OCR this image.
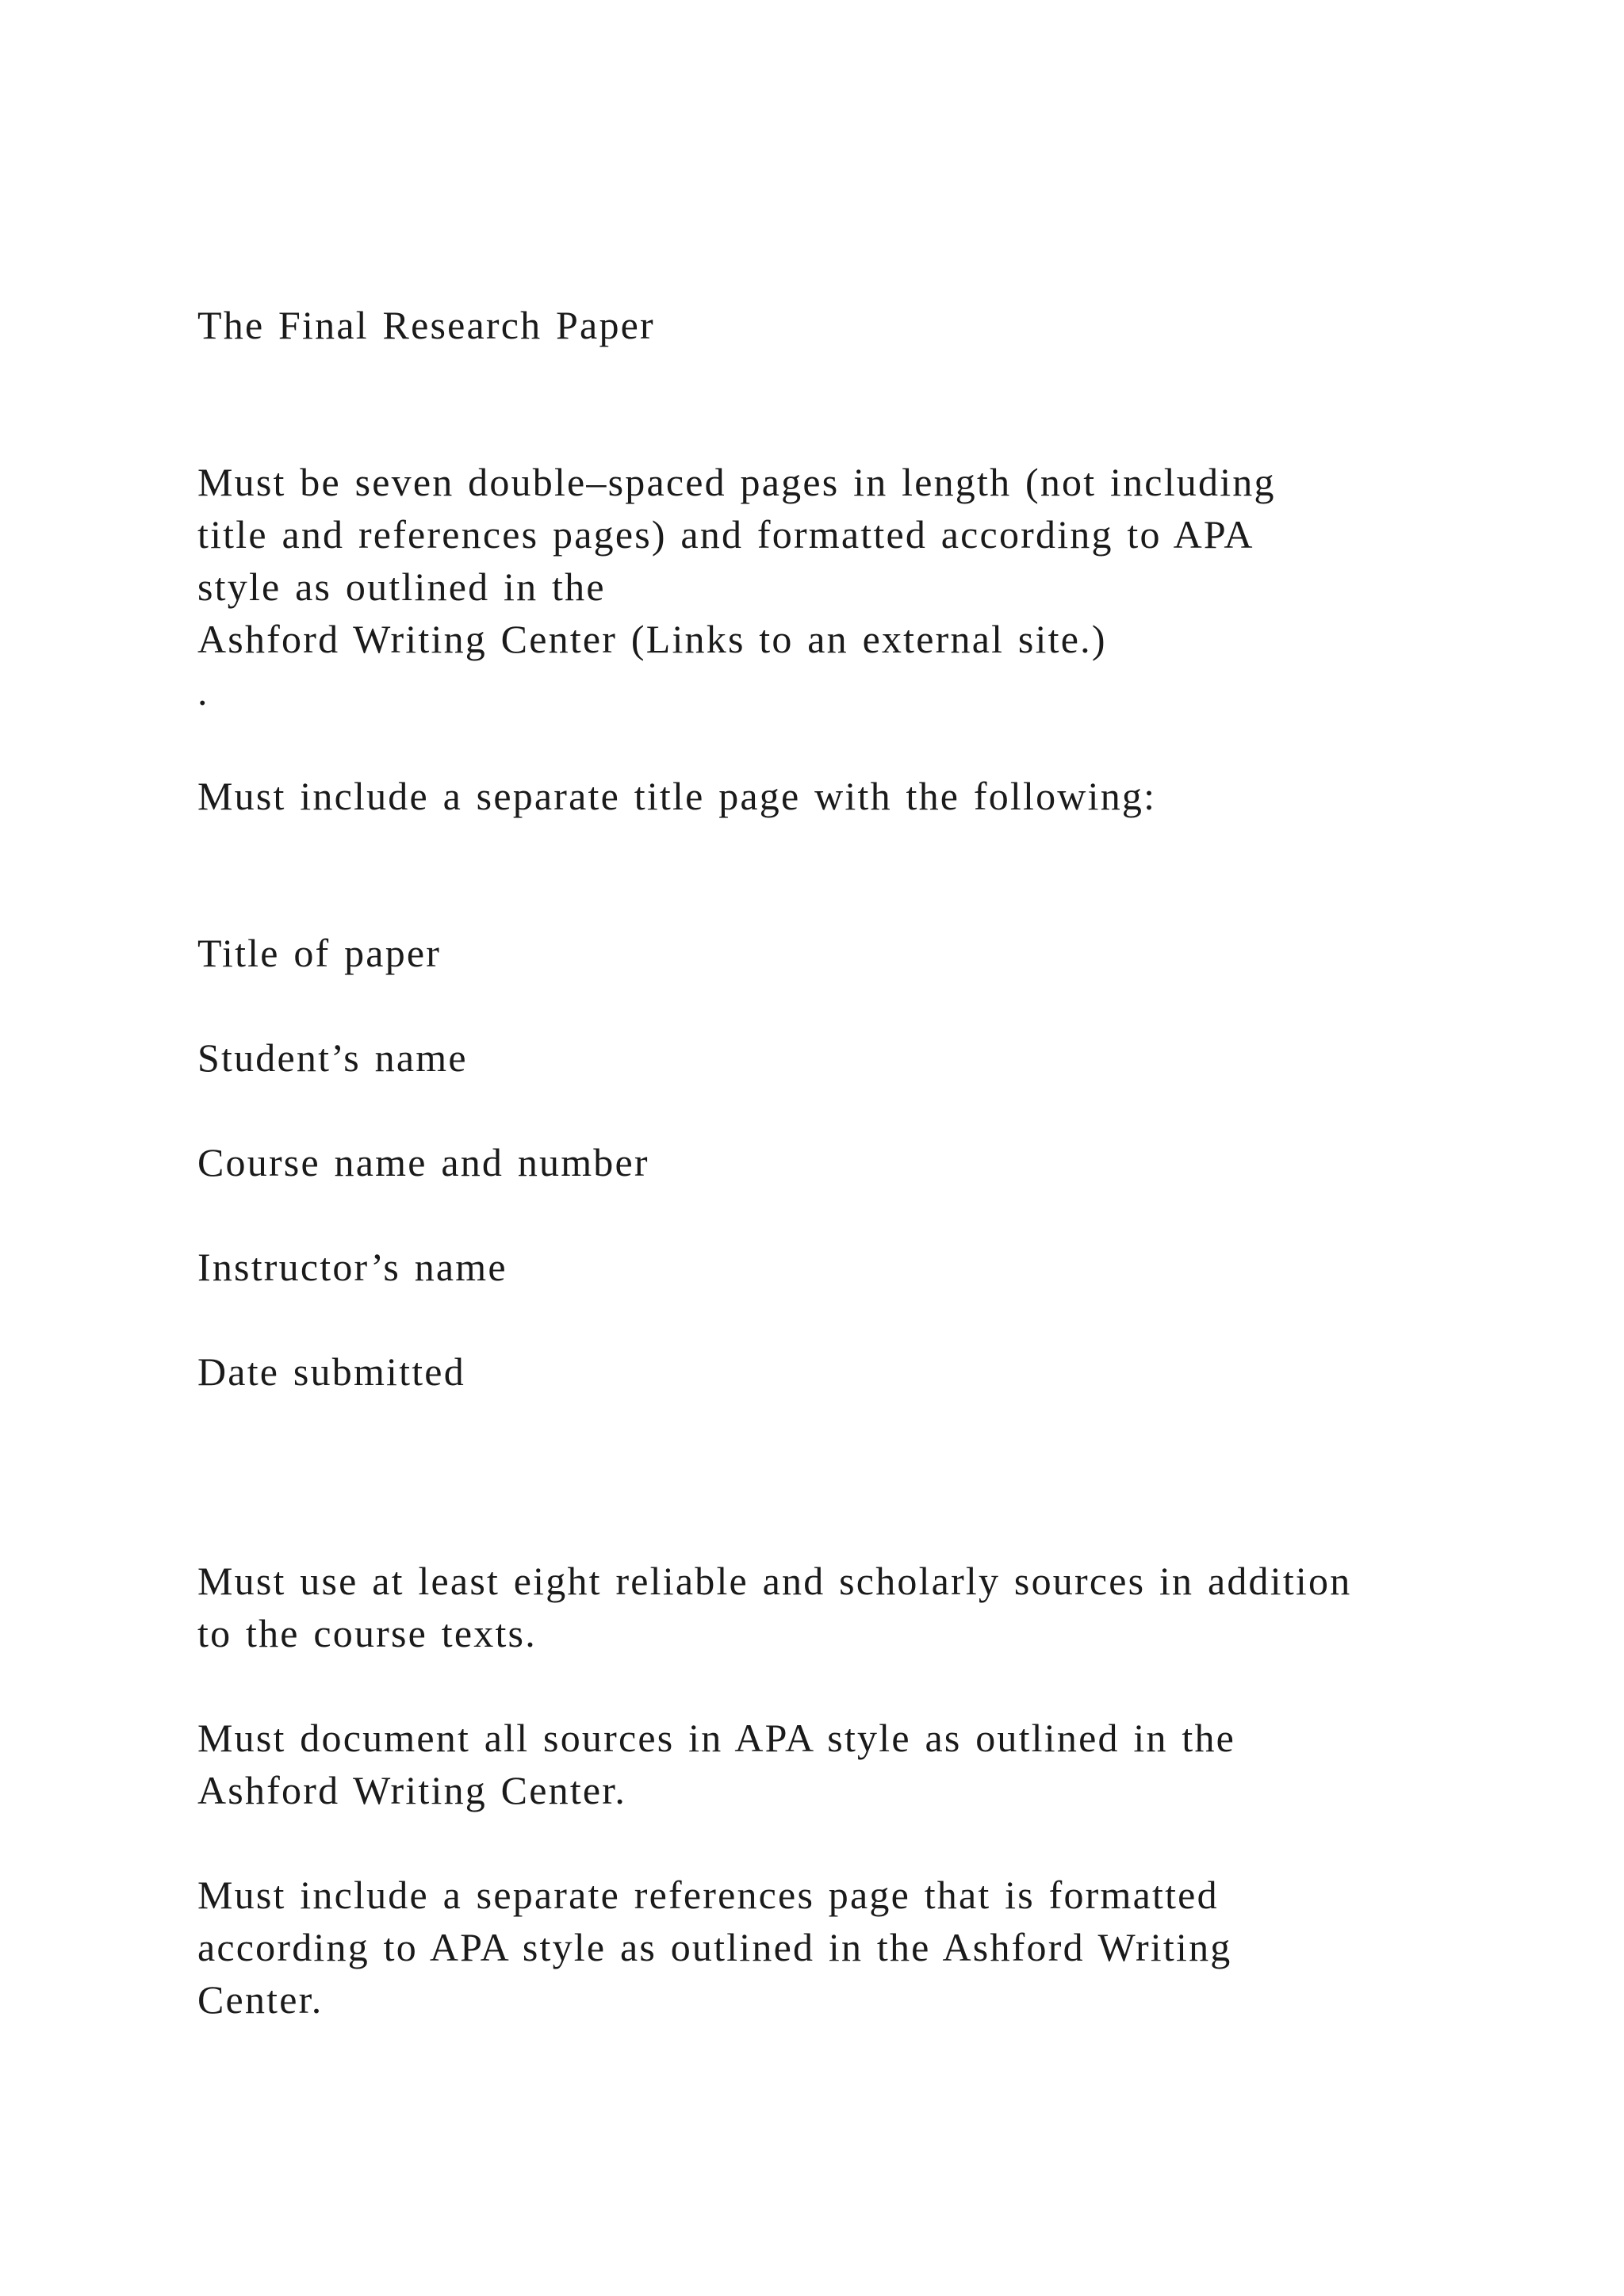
The Final Research Paper
Must be seven double–spaced pages in length (not including
title and references pages) and formatted according to APA
style as outlined in the
Ashford Writing Center (Links to an external site.)
.
Must include a separate title page with the following:
Title of paper
Student’s name
Course name and number
Instructor’s name
Date submitted
Must use at least eight reliable and scholarly sources in addition
to the course texts.
Must document all sources in APA style as outlined in the
Ashford Writing Center.
Must include a separate references page that is formatted
according to APA style as outlined in the Ashford Writing
Center.
